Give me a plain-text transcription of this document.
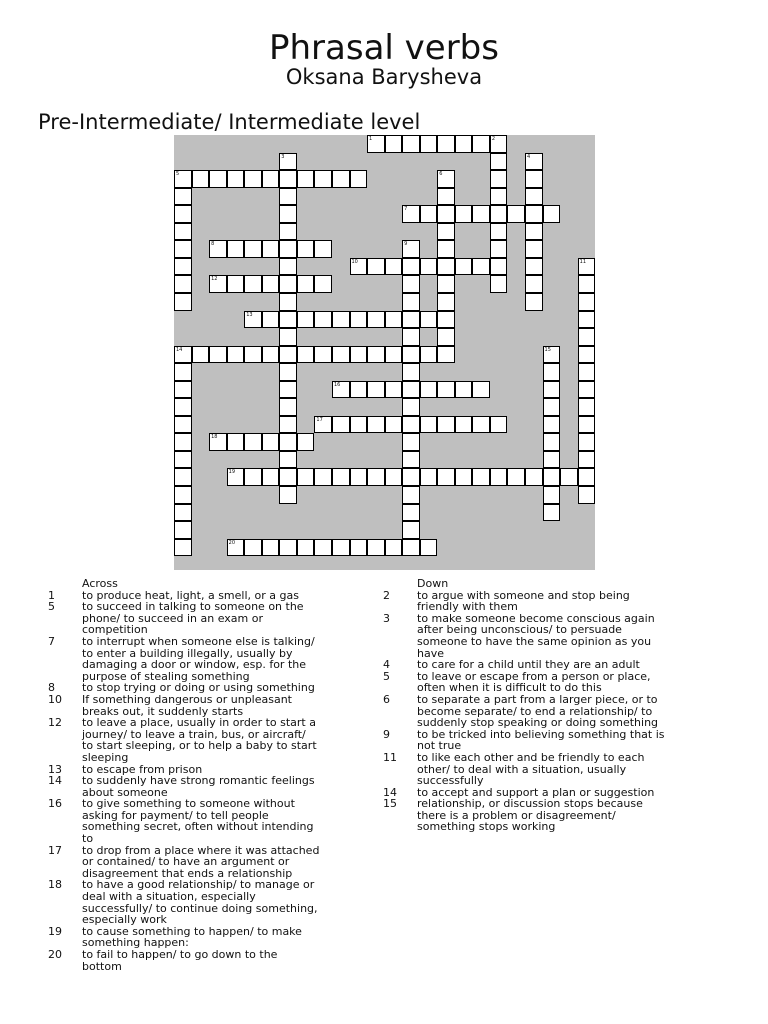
Phrasal verbs
Oksana Barysheva
Pre-Intermediate/ Intermediate level
1	2
3	4
5	6
7
8	9
10	11
12
13
14	15
16
17
18
19
20
Across
1	to produce heat, light, a smell, or a gas
5	to succeed in talking to someone on the phone/ to succeed in an exam or competition
7	to interrupt when someone else is talking/ to enter a building illegally, usually by damaging a door or window, esp. for the purpose of stealing something
8	to stop trying or doing or using something
10	If something dangerous or unpleasant breaks out, it suddenly starts
12	to leave a place, usually in order to start a journey/ to leave a train, bus, or aircraft/ to start sleeping, or to help a baby to start sleeping
13	to escape from prison
14	to suddenly have strong romantic feelings about someone
16	to give something to someone without asking for payment/ to tell people something secret, often without intending to
17	to drop from a place where it was attached or contained/ to have an argument or disagreement that ends a relationship
18	to have a good relationship/ to manage or deal with a situation, especially successfully/ to continue doing something, especially work
19	to cause something to happen/ to make something happen:
20	to fail to happen/ to go down to the bottom
Down
2	to argue with someone and stop being friendly with them
3	to make someone become conscious again after being unconscious/ to persuade someone to have the same opinion as you have
4	to care for a child until they are an adult
5	to leave or escape from a person or place, often when it is difficult to do this
6	to separate a part from a larger piece, or to become separate/ to end a relationship/ to suddenly stop speaking or doing something
9	to be tricked into believing something that is not true
11	to like each other and be friendly to each other/ to deal with a situation, usually successfully
14	to accept and support a plan or suggestion
15	relationship, or discussion stops because there is a problem or disagreement/ something stops working
